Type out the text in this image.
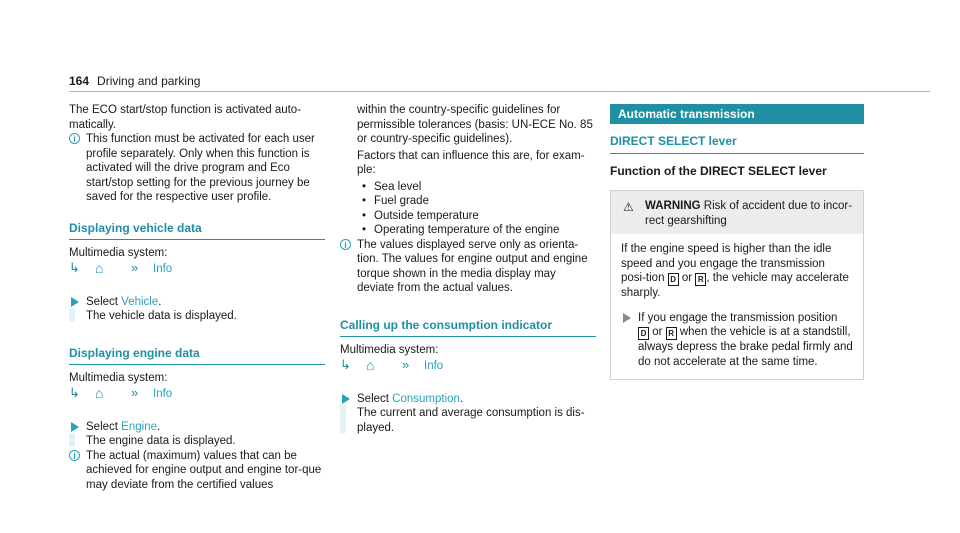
164 Driving and parking

The ECO start/stop function is activated auto-matically.

i This function must be activated for each user profile separately. Only when this function is activated will the drive program and Eco start/stop setting for the previous journey be saved for the respective user profile.
Displaying vehicle data
Multimedia system:
↳ ⌂ » Info
Select Vehicle.
The vehicle data is displayed.
Displaying engine data
Multimedia system:
↳ ⌂ » Info
Select Engine.
The engine data is displayed.
i The actual (maximum) values that can be achieved for engine output and engine tor-que may deviate from the certified values

within the country-specific guidelines for permissible tolerances (basis: UN-ECE No. 85 or country-specific guidelines).

Factors that can influence this are, for exam-ple:

• Sea level
• Fuel grade
• Outside temperature
• Operating temperature of the engine
i The values displayed serve only as orienta-tion. The values for engine output and engine torque shown in the media display may deviate from the actual values.
Calling up the consumption indicator
Multimedia system:
↳ ⌂ » Info
Select Consumption.
The current and average consumption is dis-played.
Automatic transmission
DIRECT SELECT lever
Function of the DIRECT SELECT lever
⚠ WARNING Risk of accident due to incor-rect gearshifting
If the engine speed is higher than the idle speed and you engage the transmission posi-tion D or R , the vehicle may accelerate sharply.
If you engage the transmission position
D or R when the vehicle is at a standstill, always depress the brake pedal firmly and do not accelerate at the same time.
